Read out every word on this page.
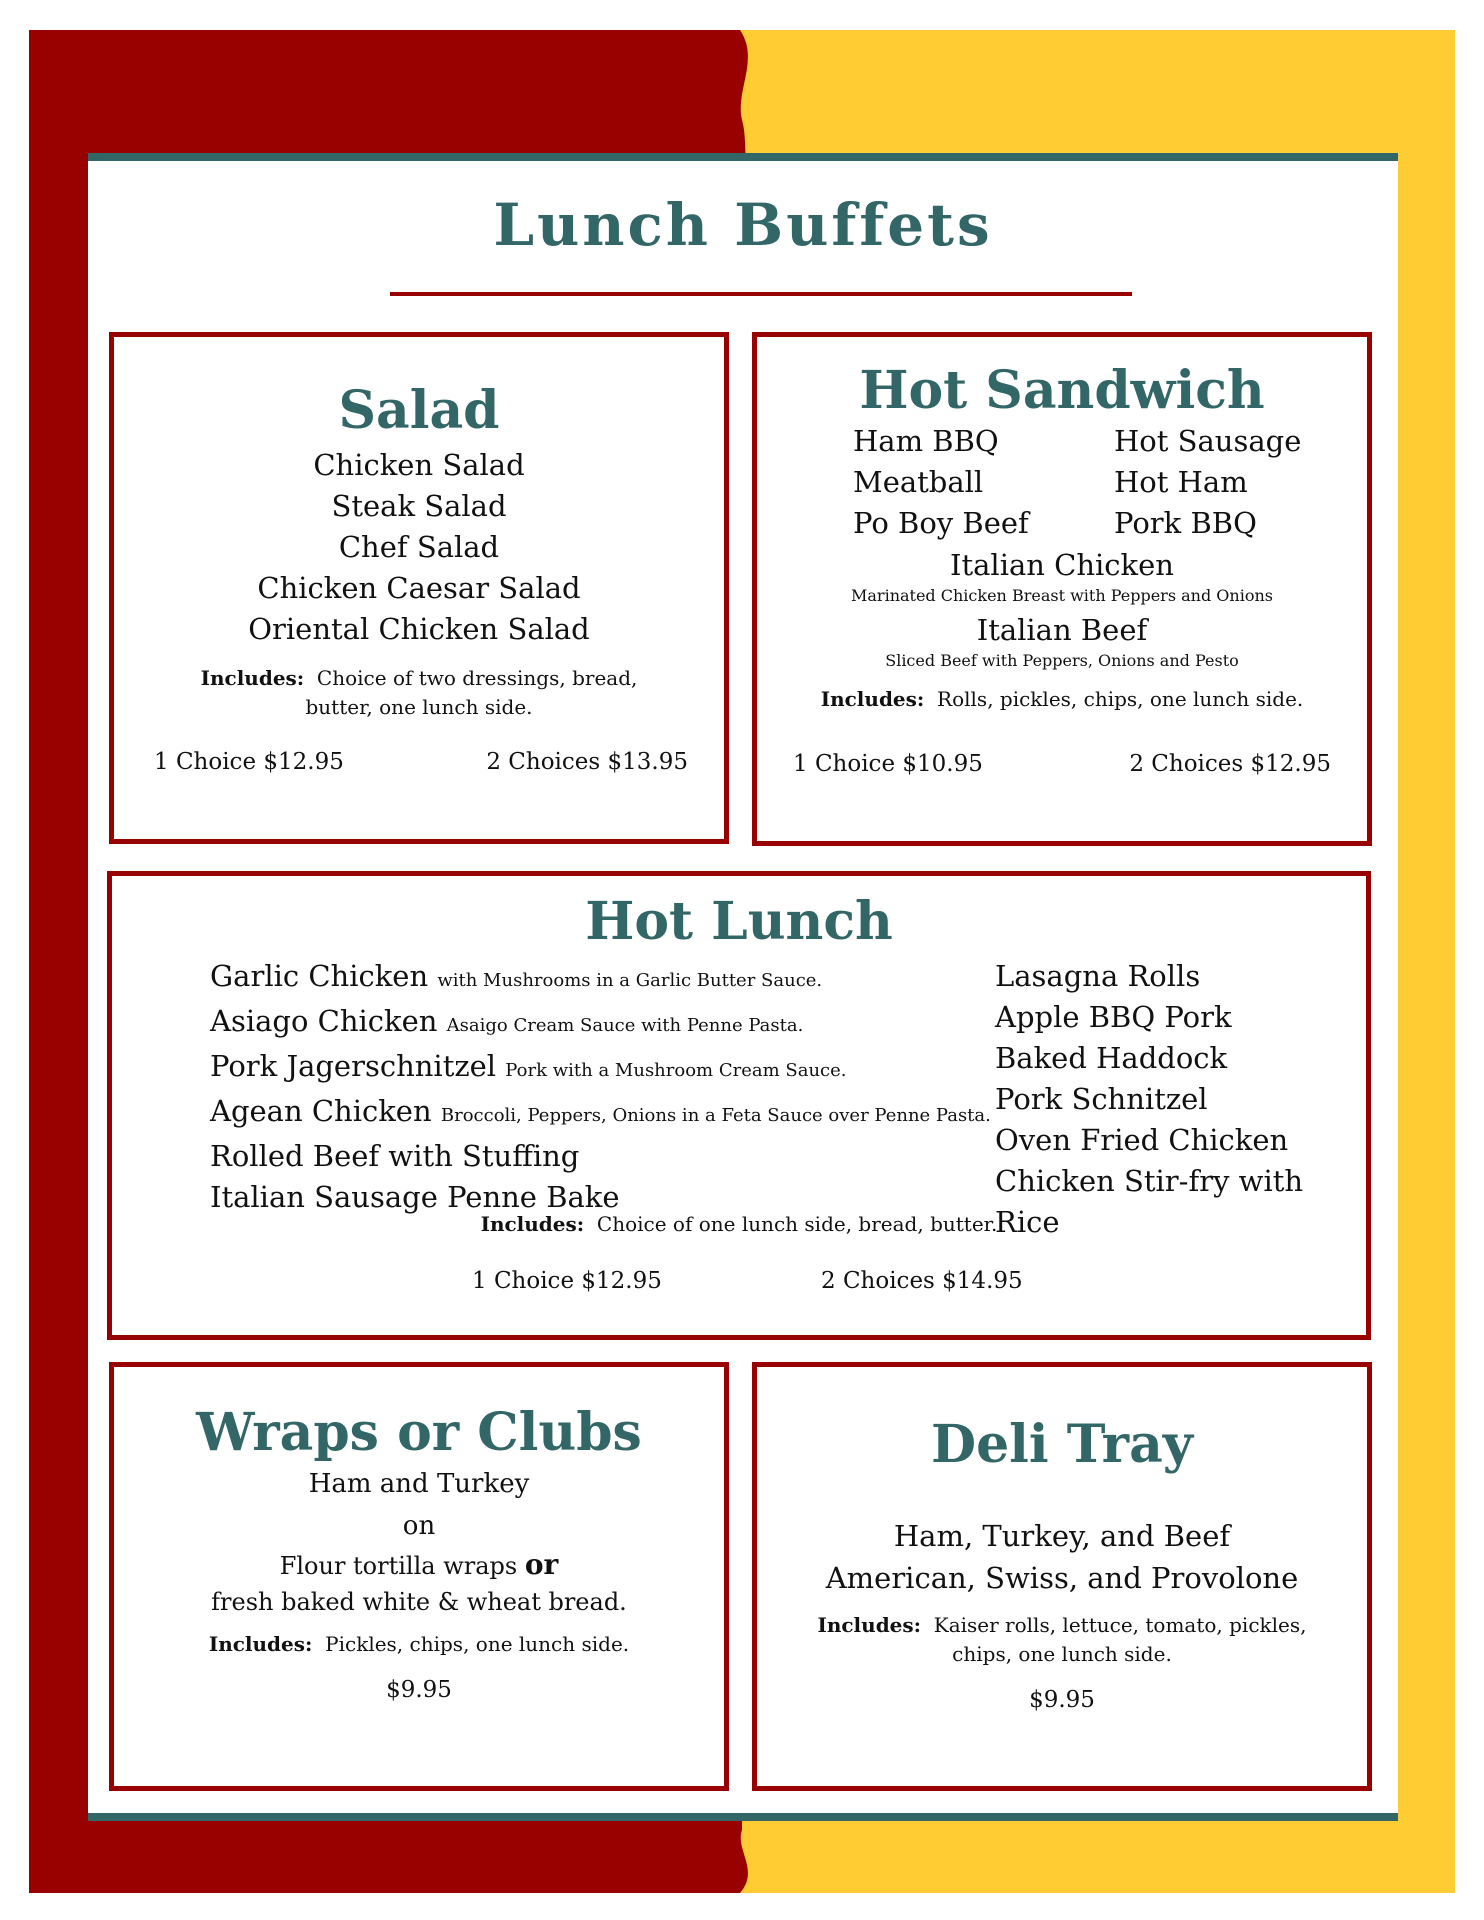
Lunch Buffets
Salad
Chicken Salad
Steak Salad
Chef Salad
Chicken Caesar Salad
Oriental Chicken Salad
Includes: Choice of two dressings, bread, butter, one lunch side.
1 Choice $12.95	2 Choices $13.95
Hot Sandwich
Ham BBQ
Meatball
Po Boy Beef
Hot Sausage
Hot Ham
Pork BBQ
Italian Chicken
Marinated Chicken Breast with Peppers and Onions
Italian Beef
Sliced Beef with Peppers, Onions and Pesto
Includes: Rolls, pickles, chips, one lunch side.
1 Choice $10.95	2 Choices $12.95
Hot Lunch
Garlic Chicken with Mushrooms in a Garlic Butter Sauce.
Asiago Chicken Asaigo Cream Sauce with Penne Pasta.
Pork Jagerschnitzel Pork with a Mushroom Cream Sauce.
Agean Chicken Broccoli, Peppers, Onions in a Feta Sauce over Penne Pasta.
Rolled Beef with Stuffing
Italian Sausage Penne Bake
Lasagna Rolls
Apple BBQ Pork
Baked Haddock
Pork Schnitzel
Oven Fried Chicken
Chicken Stir-fry with Rice
Includes: Choice of one lunch side, bread, butter.
1 Choice $12.95	2 Choices $14.95
Wraps or Clubs
Ham and Turkey
on
Flour tortilla wraps or
fresh baked white & wheat bread.
Includes: Pickles, chips, one lunch side.
$9.95
Deli Tray
Ham, Turkey, and Beef
American, Swiss, and Provolone
Includes: Kaiser rolls, lettuce, tomato, pickles, chips, one lunch side.
$9.95
